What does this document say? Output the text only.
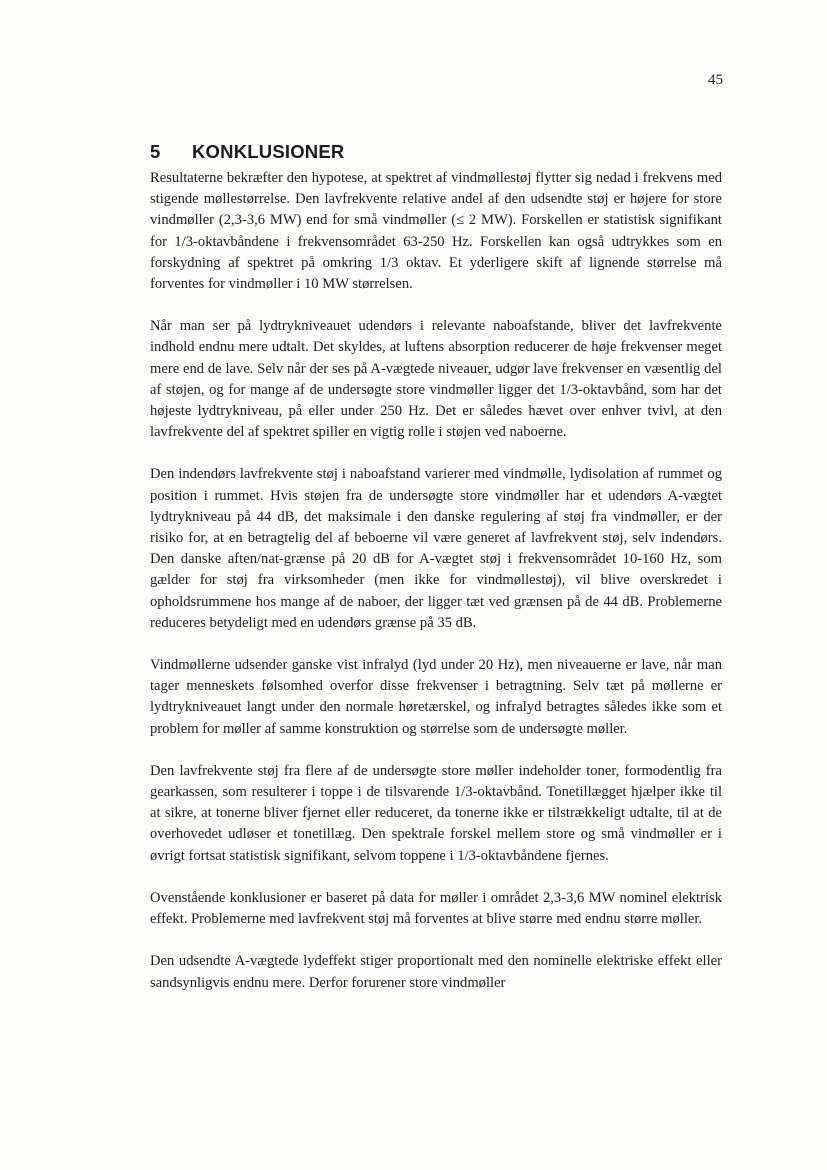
45
5 KONKLUSIONER

Resultaterne bekræfter den hypotese, at spektret af vindmøllestøj flytter sig nedad i frekvens med stigende møllestørrelse. Den lavfrekvente relative andel af den udsendte støj er højere for store vindmøller (2,3-3,6 MW) end for små vindmøller (≤ 2 MW). Forskellen er statistisk signifikant for 1/3-oktavbåndene i frekvensområdet 63-250 Hz. Forskellen kan også udtrykkes som en forskydning af spektret på omkring 1/3 oktav. Et yderligere skift af lignende størrelse må forventes for vindmøller i 10 MW størrelsen.

Når man ser på lydtrykniveauet udendørs i relevante naboafstande, bliver det lavfrekvente indhold endnu mere udtalt. Det skyldes, at luftens absorption reducerer de høje frekvenser meget mere end de lave. Selv når der ses på A-vægtede niveauer, udgør lave frekvenser en væsentlig del af støjen, og for mange af de undersøgte store vindmøller ligger det 1/3-oktavbånd, som har det højeste lydtrykniveau, på eller under 250 Hz. Det er således hævet over enhver tvivl, at den lavfrekvente del af spektret spiller en vigtig rolle i støjen ved naboerne.

Den indendørs lavfrekvente støj i naboafstand varierer med vindmølle, lydisolation af rummet og position i rummet. Hvis støjen fra de undersøgte store vindmøller har et udendørs A-vægtet lydtrykniveau på 44 dB, det maksimale i den danske regulering af støj fra vindmøller, er der risiko for, at en betragtelig del af beboerne vil være generet af lavfrekvent støj, selv indendørs. Den danske aften/nat-grænse på 20 dB for A-vægtet støj i frekvensområdet 10-160 Hz, som gælder for støj fra virksomheder (men ikke for vindmøllestøj), vil blive overskredet i opholdsrummene hos mange af de naboer, der ligger tæt ved grænsen på de 44 dB. Problemerne reduceres betydeligt med en udendørs grænse på 35 dB.

Vindmøllerne udsender ganske vist infralyd (lyd under 20 Hz), men niveauerne er lave, når man tager menneskets følsomhed overfor disse frekvenser i betragtning. Selv tæt på møllerne er lydtrykniveauet langt under den normale høretærskel, og infralyd betragtes således ikke som et problem for møller af samme konstruktion og størrelse som de undersøgte møller.

Den lavfrekvente støj fra flere af de undersøgte store møller indeholder toner, formodentlig fra gearkassen, som resulterer i toppe i de tilsvarende 1/3-oktavbånd. Tonetillægget hjælper ikke til at sikre, at tonerne bliver fjernet eller reduceret, da tonerne ikke er tilstrækkeligt udtalte, til at de overhovedet udløser et tonetillæg. Den spektrale forskel mellem store og små vindmøller er i øvrigt fortsat statistisk signifikant, selvom toppene i 1/3-oktavbåndene fjernes.

Ovenstående konklusioner er baseret på data for møller i området 2,3-3,6 MW nominel elektrisk effekt. Problemerne med lavfrekvent støj må forventes at blive større med endnu større møller.

Den udsendte A-vægtede lydeffekt stiger proportionalt med den nominelle elektriske effekt eller sandsynligvis endnu mere. Derfor forurener store vindmøller
